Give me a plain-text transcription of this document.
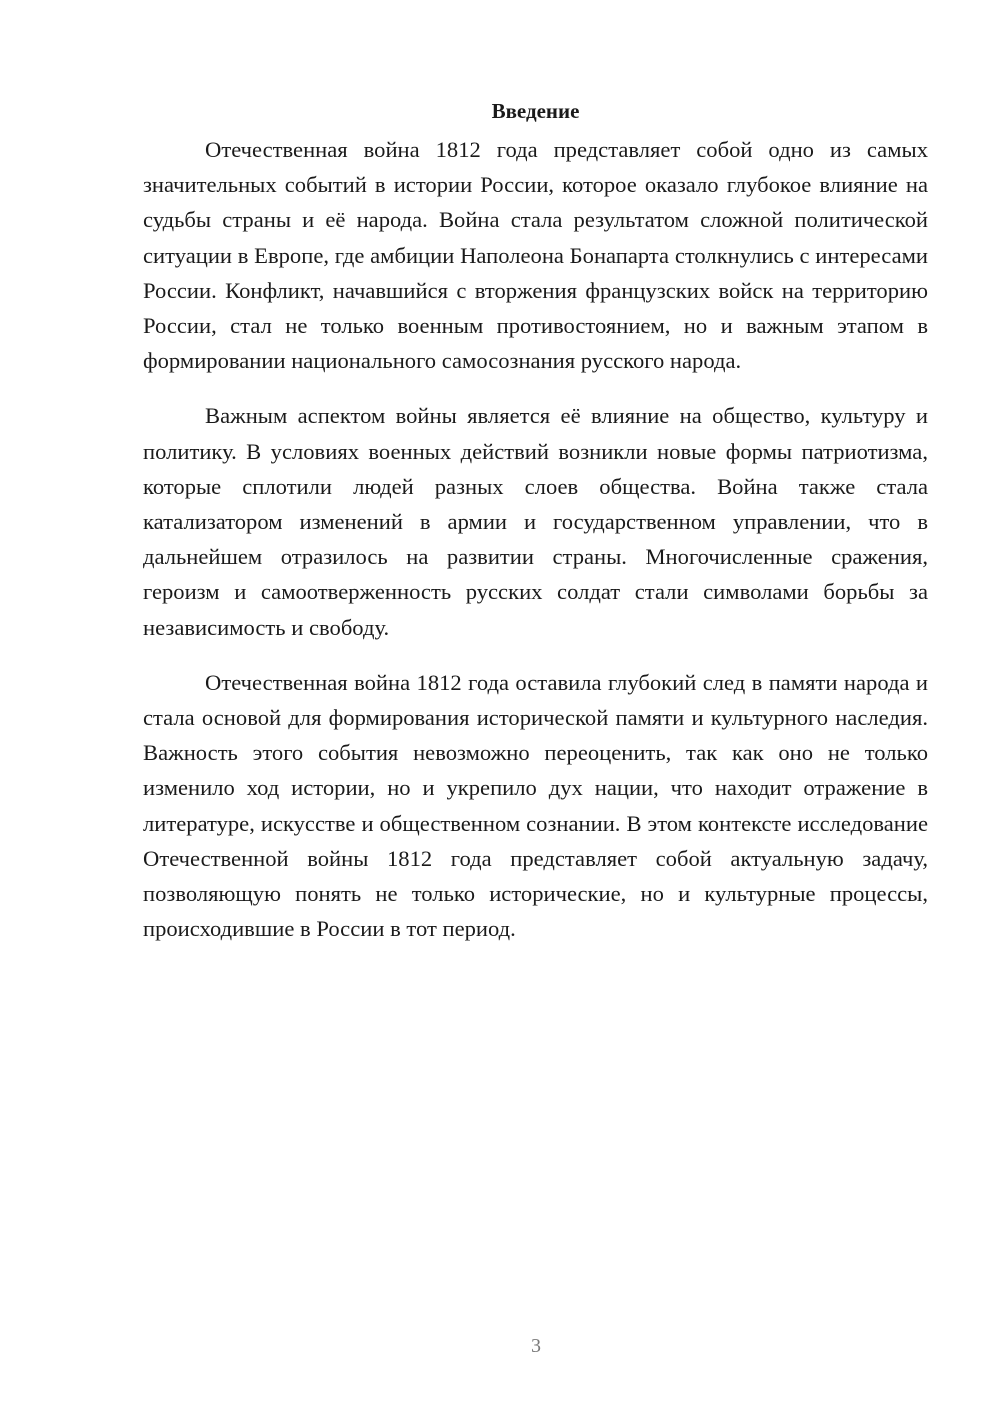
Введение

Отечественная война 1812 года представляет собой одно из самых значительных событий в истории России, которое оказало глубокое влияние на судьбы страны и её народа. Война стала результатом сложной политической ситуации в Европе, где амбиции Наполеона Бонапарта столкнулись с интересами России. Конфликт, начавшийся с вторжения французских войск на территорию России, стал не только военным противостоянием, но и важным этапом в формировании национального самосознания русского народа.

Важным аспектом войны является её влияние на общество, культуру и политику. В условиях военных действий возникли новые формы патриотизма, которые сплотили людей разных слоев общества. Война также стала катализатором изменений в армии и государственном управлении, что в дальнейшем отразилось на развитии страны. Многочисленные сражения, героизм и самоотверженность русских солдат стали символами борьбы за независимость и свободу.

Отечественная война 1812 года оставила глубокий след в памяти народа и стала основой для формирования исторической памяти и культурного наследия. Важность этого события невозможно переоценить, так как оно не только изменило ход истории, но и укрепило дух нации, что находит отражение в литературе, искусстве и общественном сознании. В этом контексте исследование Отечественной войны 1812 года представляет собой актуальную задачу, позволяющую понять не только исторические, но и культурные процессы, происходившие в России в тот период.

3
